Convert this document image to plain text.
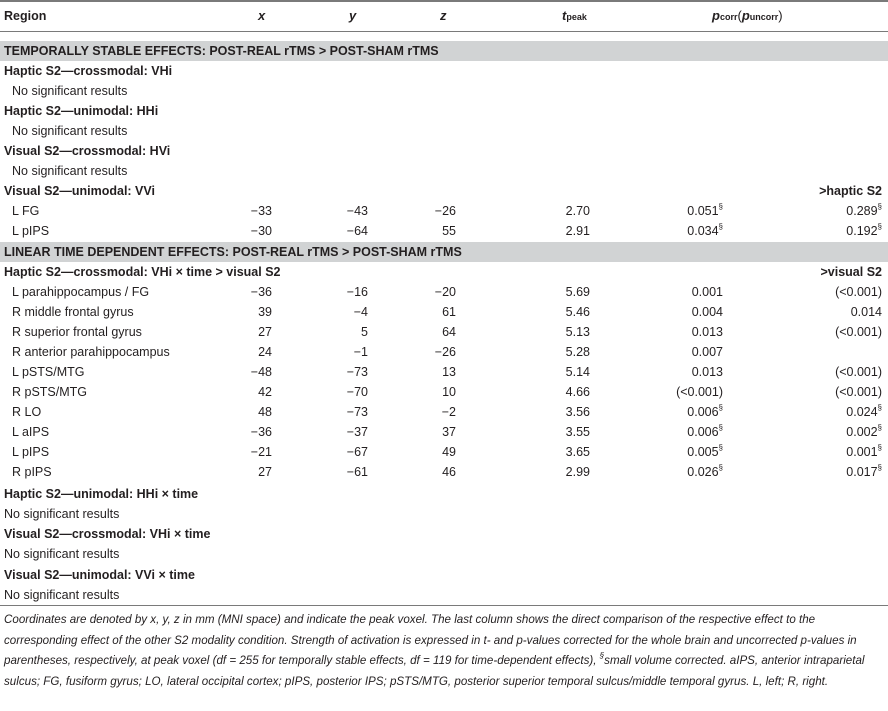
Region	x	y	z	tpeak	pcorr(puncorr)
TEMPORALLY STABLE EFFECTS: POST-REAL rTMS > POST-SHAM rTMS
Haptic S2—crossmodal: VHi
No significant results
Haptic S2—unimodal: HHi
No significant results
Visual S2—crossmodal: HVi
No significant results
Visual S2—unimodal: VVi	>haptic S2
L FG	−33	−43	−26	2.70	0.051§	0.289§
L pIPS	−30	−64	55	2.91	0.034§	0.192§
LINEAR TIME DEPENDENT EFFECTS: POST-REAL rTMS > POST-SHAM rTMS
Haptic S2—crossmodal: VHi × time > visual S2	>visual S2
L parahippocampus / FG	−36	−16	−20	5.69	0.001	(<0.001)
R middle frontal gyrus	39	−4	61	5.46	0.004	0.014
R superior frontal gyrus	27	5	64	5.13	0.013	(<0.001)
R anterior parahippocampus	24	−1	−26	5.28	0.007
L pSTS/MTG	−48	−73	13	5.14	0.013	(<0.001)
R pSTS/MTG	42	−70	10	4.66	(<0.001)	(<0.001)
R LO	48	−73	−2	3.56	0.006§	0.024§
L aIPS	−36	−37	37	3.55	0.006§	0.002§
L pIPS	−21	−67	49	3.65	0.005§	0.001§
R pIPS	27	−61	46	2.99	0.026§	0.017§
Haptic S2—unimodal: HHi × time
No significant results
Visual S2—crossmodal: VHi × time
No significant results
Visual S2—unimodal: VVi × time
No significant results
Coordinates are denoted by x, y, z in mm (MNI space) and indicate the peak voxel. The last column shows the direct comparison of the respective effect to the corresponding effect of the other S2 modality condition. Strength of activation is expressed in t- and p-values corrected for the whole brain and uncorrected p-values in parentheses, respectively, at peak voxel (df = 255 for temporally stable effects, df = 119 for time-dependent effects), §small volume corrected. aIPS, anterior intraparietal sulcus; FG, fusiform gyrus; LO, lateral occipital cortex; pIPS, posterior IPS; pSTS/MTG, posterior superior temporal sulcus/middle temporal gyrus. L, left; R, right.
